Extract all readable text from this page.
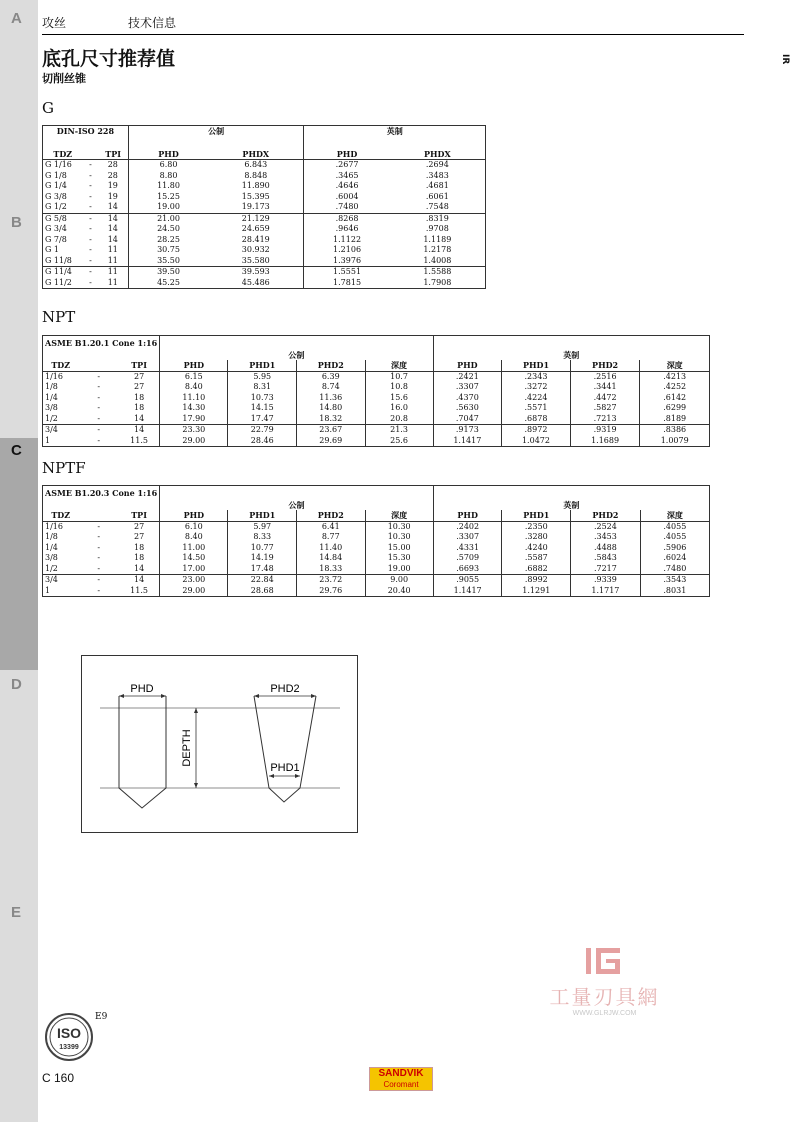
A
B
C
D
E
攻丝	技术信息
IR
底孔尺寸推荐值
切削丝锥
G
DIN-ISO 228			公制		英制	

TDZ		TPI	PHD	PHDX	PHD	PHDX
G 1/16	-	28	6.80	6.843	.2677	.2694
G 1/8	-	28	8.80	8.848	.3465	.3483
G 1/4	-	19	11.80	11.890	.4646	.4681
G 3/8	-	19	15.25	15.395	.6004	.6061
G 1/2	-	14	19.00	19.173	.7480	.7548
G 5/8	-	14	21.00	21.129	.8268	.8319
G 3/4	-	14	24.50	24.659	.9646	.9708
G 7/8	-	14	28.25	28.419	1.1122	1.1189
G 1	-	11	30.75	30.932	1.2106	1.2178
G 11/8	-	11	35.50	35.580	1.3976	1.4008
G 11/4	-	11	39.50	39.593	1.5551	1.5588
G 11/2	-	11	45.25	45.486	1.7815	1.7908
NPT
ASME B1.20.1 Cone 1:16										
			公制				英制			
TDZ		TPI	PHD	PHD1	PHD2	深度	PHD	PHD1	PHD2	深度
1/16	-	27	6.15	5.95	6.39	10.7	.2421	.2343	.2516	.4213
1/8	-	27	8.40	8.31	8.74	10.8	.3307	.3272	.3441	.4252
1/4	-	18	11.10	10.73	11.36	15.6	.4370	.4224	.4472	.6142
3/8	-	18	14.30	14.15	14.80	16.0	.5630	.5571	.5827	.6299
1/2	-	14	17.90	17.47	18.32	20.8	.7047	.6878	.7213	.8189
3/4	-	14	23.30	22.79	23.67	21.3	.9173	.8972	.9319	.8386
1	-	11.5	29.00	28.46	29.69	25.6	1.1417	1.0472	1.1689	1.0079
NPTF
ASME B1.20.3 Cone 1:16										
			公制				英制			
TDZ		TPI	PHD	PHD1	PHD2	深度	PHD	PHD1	PHD2	深度
1/16	-	27	6.10	5.97	6.41	10.30	.2402	.2350	.2524	.4055
1/8	-	27	8.40	8.33	8.77	10.30	.3307	.3280	.3453	.4055
1/4	-	18	11.00	10.77	11.40	15.00	.4331	.4240	.4488	.5906
3/8	-	18	14.50	14.19	14.84	15.30	.5709	.5587	.5843	.6024
1/2	-	14	17.00	17.48	18.33	19.00	.6693	.6882	.7217	.7480
3/4	-	14	23.00	22.84	23.72	9.00	.9055	.8992	.9339	.3543
1	-	11.5	29.00	28.68	29.76	20.40	1.1417	1.1291	1.1717	.8031
PHD
DEPTH
PHD2
PHD1
工量刃具網
WWW.GLRJW.COM
ISO
13399
E9
C 160	SANDVIK
Coromant
